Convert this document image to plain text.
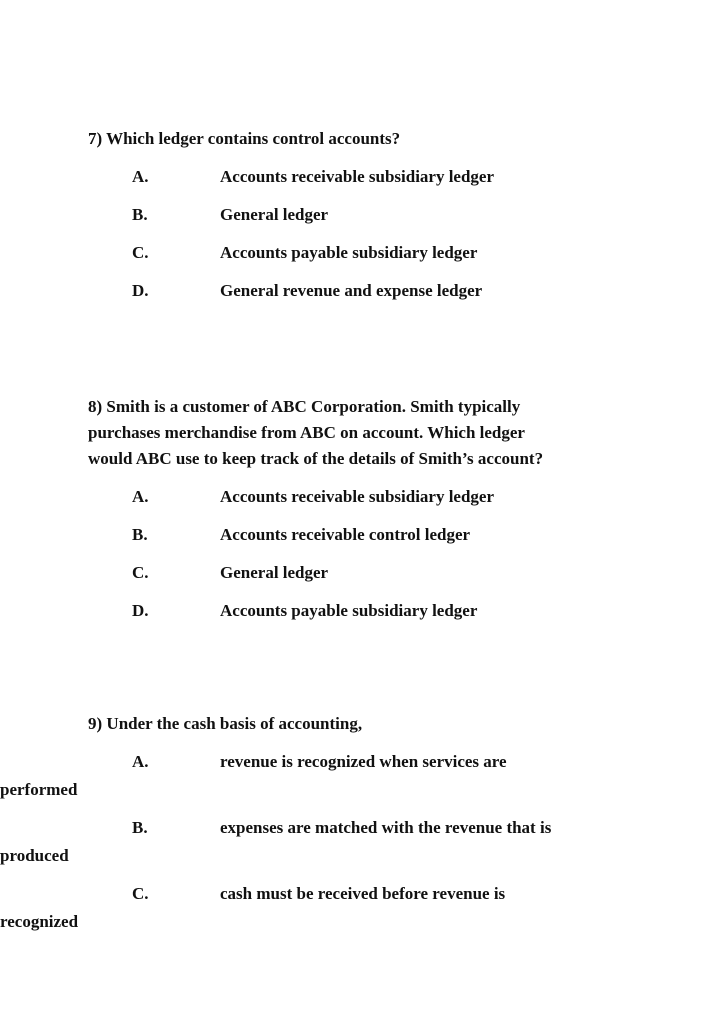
7) Which ledger contains control accounts?

A.	Accounts receivable subsidiary ledger
B.	General ledger
C.	Accounts payable subsidiary ledger
D.	General revenue and expense ledger

8) Smith is a customer of ABC Corporation. Smith typically

purchases merchandise from ABC on account. Which ledger

would ABC use to keep track of the details of Smith’s account?

A.	Accounts receivable subsidiary ledger
B.	Accounts receivable control ledger
C.	General ledger
D.	Accounts payable subsidiary ledger

9) Under the cash basis of accounting,

A.	revenue is recognized when services are

performed

B.	expenses are matched with the revenue that is

produced

C.	cash must be received before revenue is

recognized
